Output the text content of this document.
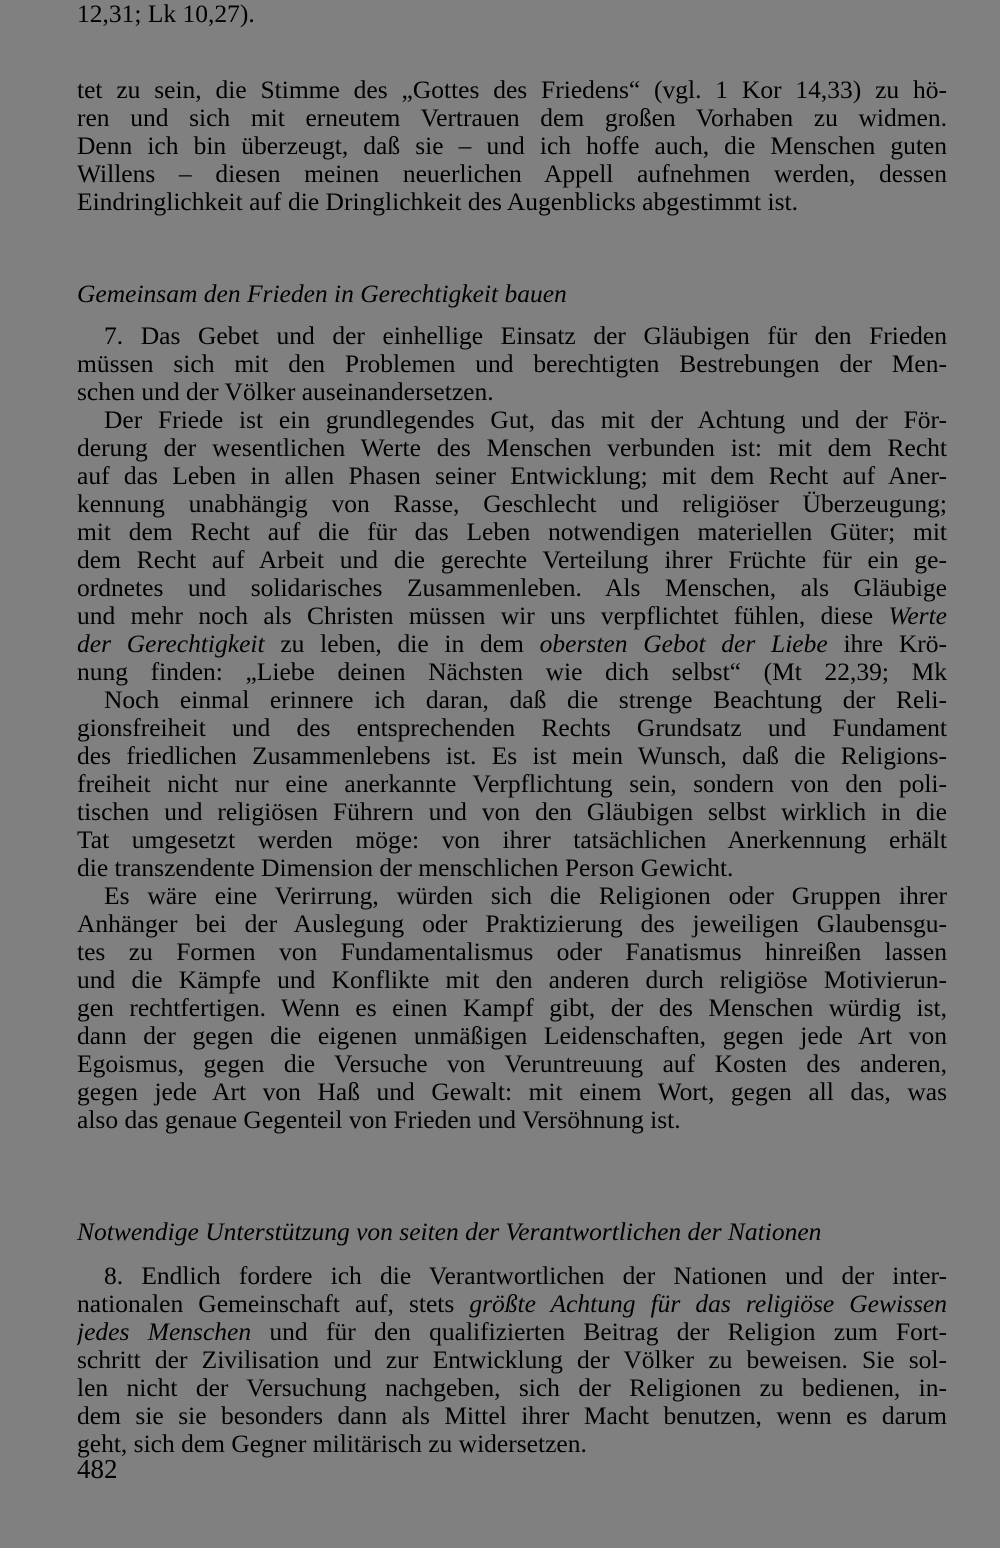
tet zu sein, die Stimme des „Gottes des Friedens“ (vgl. 1 Kor 14,33) zu hö-
ren und sich mit erneutem Vertrauen dem großen Vorhaben zu widmen.
Denn ich bin überzeugt, daß sie – und ich hoffe auch, die Menschen guten
Willens – diesen meinen neuerlichen Appell aufnehmen werden, dessen
Eindringlichkeit auf die Dringlichkeit des Augenblicks abgestimmt ist.
Gemeinsam den Frieden in Gerechtigkeit bauen
7. Das Gebet und der einhellige Einsatz der Gläubigen für den Frieden
müssen sich mit den Problemen und berechtigten Bestrebungen der Men-
schen und der Völker auseinandersetzen.
Der Friede ist ein grundlegendes Gut, das mit der Achtung und der För-
derung der wesentlichen Werte des Menschen verbunden ist: mit dem Recht
auf das Leben in allen Phasen seiner Entwicklung; mit dem Recht auf Aner-
kennung unabhängig von Rasse, Geschlecht und religiöser Überzeugung;
mit dem Recht auf die für das Leben notwendigen materiellen Güter; mit
dem Recht auf Arbeit und die gerechte Verteilung ihrer Früchte für ein ge-
ordnetes und solidarisches Zusammenleben. Als Menschen, als Gläubige
und mehr noch als Christen müssen wir uns verpflichtet fühlen, diese Werte
der Gerechtigkeit zu leben, die in dem obersten Gebot der Liebe ihre Krö-
nung finden: „Liebe deinen Nächsten wie dich selbst“ (Mt 22,39; Mk
12,31; Lk 10,27).
Noch einmal erinnere ich daran, daß die strenge Beachtung der Reli-
gionsfreiheit und des entsprechenden Rechts Grundsatz und Fundament
des friedlichen Zusammenlebens ist. Es ist mein Wunsch, daß die Religions-
freiheit nicht nur eine anerkannte Verpflichtung sein, sondern von den poli-
tischen und religiösen Führern und von den Gläubigen selbst wirklich in die
Tat umgesetzt werden möge: von ihrer tatsächlichen Anerkennung erhält
die transzendente Dimension der menschlichen Person Gewicht.
Es wäre eine Verirrung, würden sich die Religionen oder Gruppen ihrer
Anhänger bei der Auslegung oder Praktizierung des jeweiligen Glaubensgu-
tes zu Formen von Fundamentalismus oder Fanatismus hinreißen lassen
und die Kämpfe und Konflikte mit den anderen durch religiöse Motivierun-
gen rechtfertigen. Wenn es einen Kampf gibt, der des Menschen würdig ist,
dann der gegen die eigenen unmäßigen Leidenschaften, gegen jede Art von
Egoismus, gegen die Versuche von Veruntreuung auf Kosten des anderen,
gegen jede Art von Haß und Gewalt: mit einem Wort, gegen all das, was
also das genaue Gegenteil von Frieden und Versöhnung ist.
Notwendige Unterstützung von seiten der Verantwortlichen der Nationen
8. Endlich fordere ich die Verantwortlichen der Nationen und der inter-
nationalen Gemeinschaft auf, stets größte Achtung für das religiöse Gewissen
jedes Menschen und für den qualifizierten Beitrag der Religion zum Fort-
schritt der Zivilisation und zur Entwicklung der Völker zu beweisen. Sie sol-
len nicht der Versuchung nachgeben, sich der Religionen zu bedienen, in-
dem sie sie besonders dann als Mittel ihrer Macht benutzen, wenn es darum
geht, sich dem Gegner militärisch zu widersetzen.
482
